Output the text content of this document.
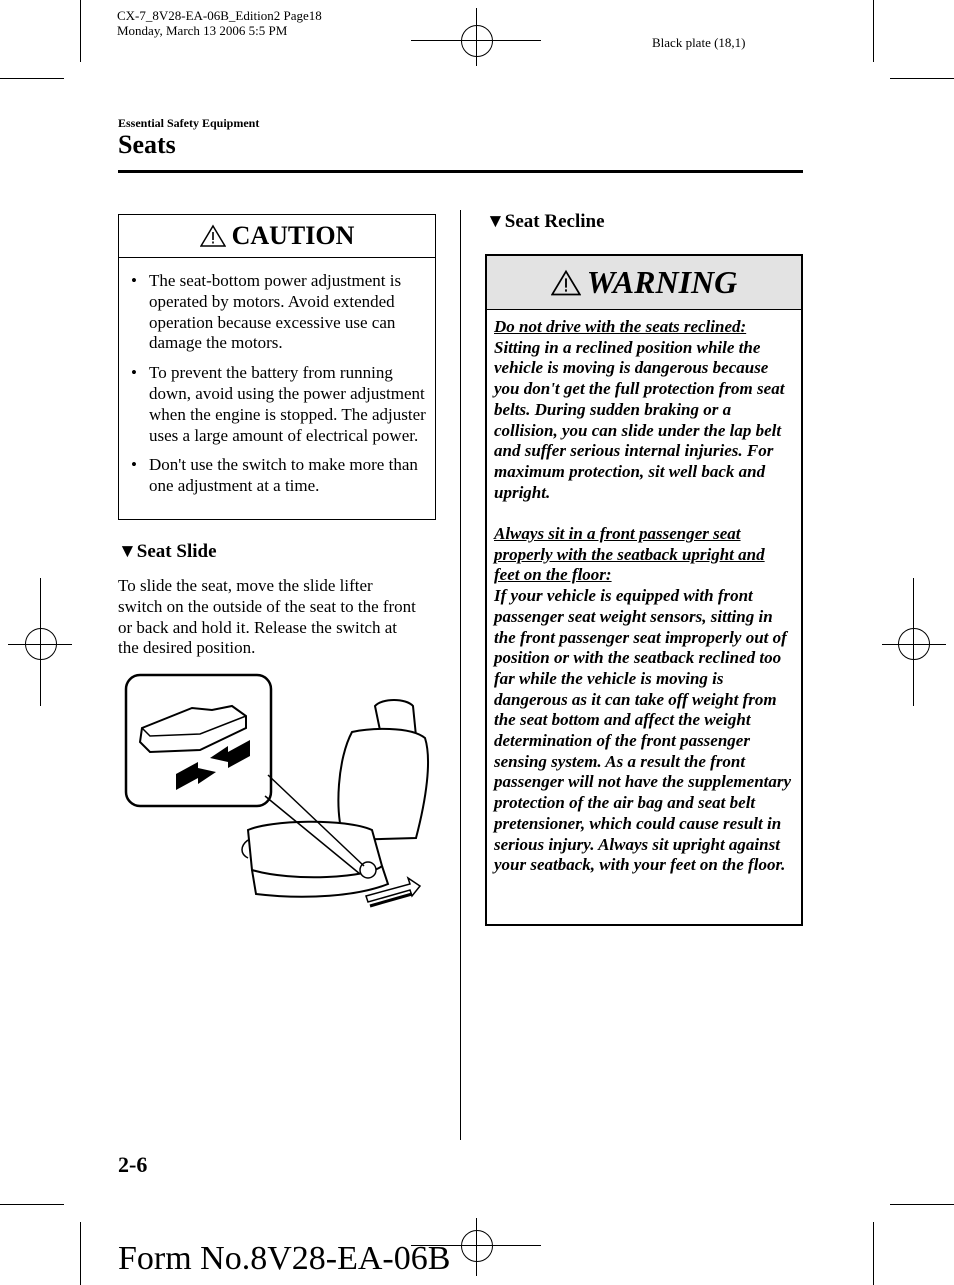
CX-7_8V28-EA-06B_Edition2 Page18
Monday, March 13 2006 5:5 PM
Black plate (18,1)
Essential Safety Equipment
Seats
CAUTION
• The seat-bottom power adjustment is operated by motors. Avoid extended operation because excessive use can damage the motors.
• To prevent the battery from running down, avoid using the power adjustment when the engine is stopped. The adjuster uses a large amount of electrical power.
• Don't use the switch to make more than one adjustment at a time.
▼Seat Slide
To slide the seat, move the slide lifter switch on the outside of the seat to the front or back and hold it. Release the switch at the desired position.
▼Seat Recline
WARNING

Do not drive with the seats reclined:
Sitting in a reclined position while the vehicle is moving is dangerous because you don't get the full protection from seat belts. During sudden braking or a collision, you can slide under the lap belt and suffer serious internal injuries. For maximum protection, sit well back and upright.

Always sit in a front passenger seat properly with the seatback upright and feet on the floor:
If your vehicle is equipped with front passenger seat weight sensors, sitting in the front passenger seat improperly out of position or with the seatback reclined too far while the vehicle is moving is dangerous as it can take off weight from the seat bottom and affect the weight determination of the front passenger sensing system. As a result the front passenger will not have the supplementary protection of the air bag and seat belt pretensioner, which could cause result in serious injury. Always sit upright against your seatback, with your feet on the floor.

2-6
Form No.8V28-EA-06B
